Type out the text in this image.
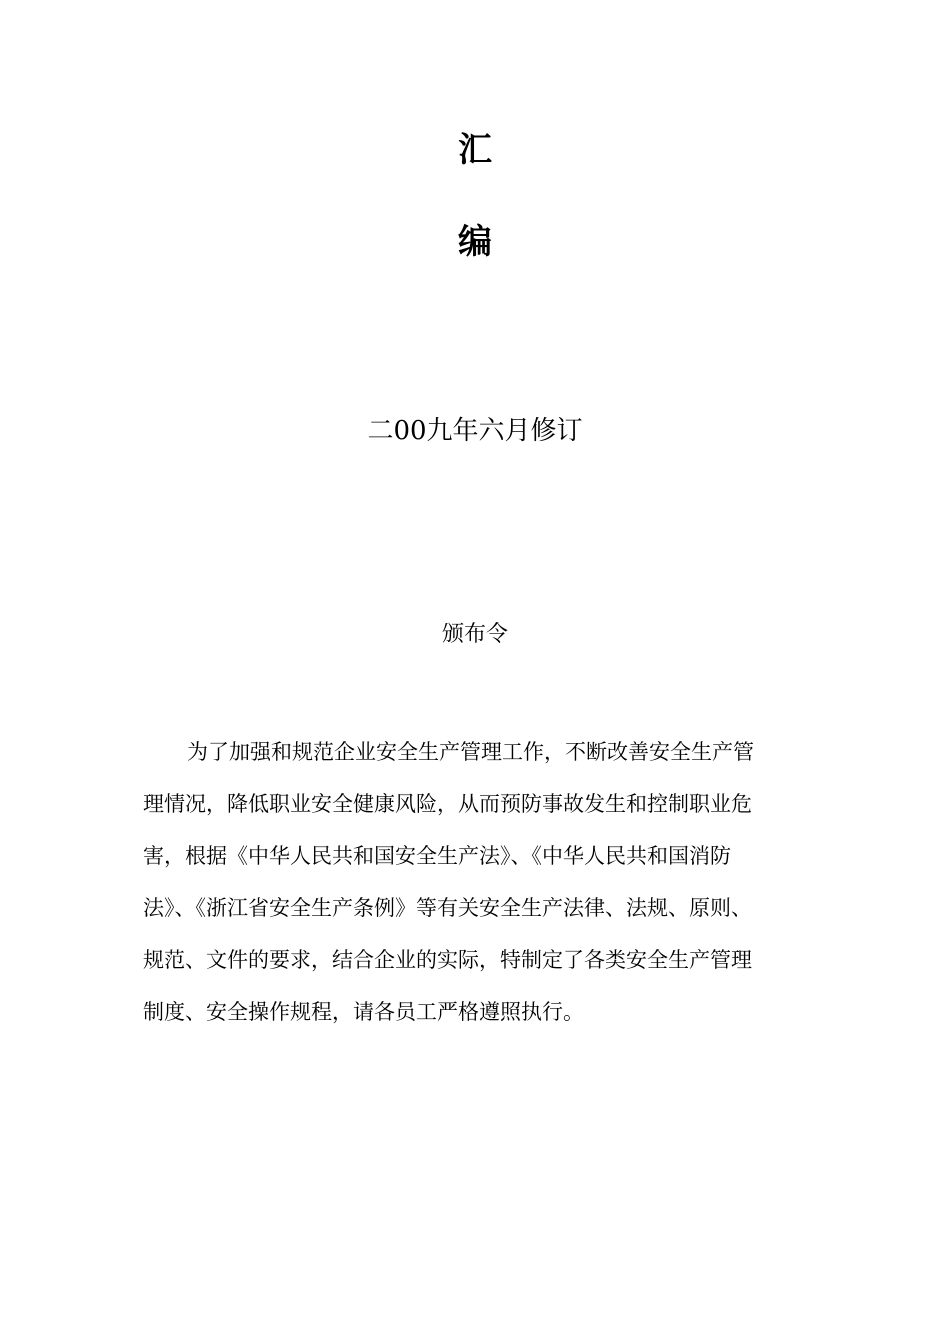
汇
编
二00九年六月修订
颁布令
为了加强和规范企业安全生产管理工作，不断改善安全生产管
理情况，降低职业安全健康风险，从而预防事故发生和控制职业危
害，根据《中华人民共和国安全生产法》、《中华人民共和国消防
法》、《浙江省安全生产条例》等有关安全生产法律、法规、原则、
规范、文件的要求，结合企业的实际，特制定了各类安全生产管理
制度、安全操作规程，请各员工严格遵照执行。
